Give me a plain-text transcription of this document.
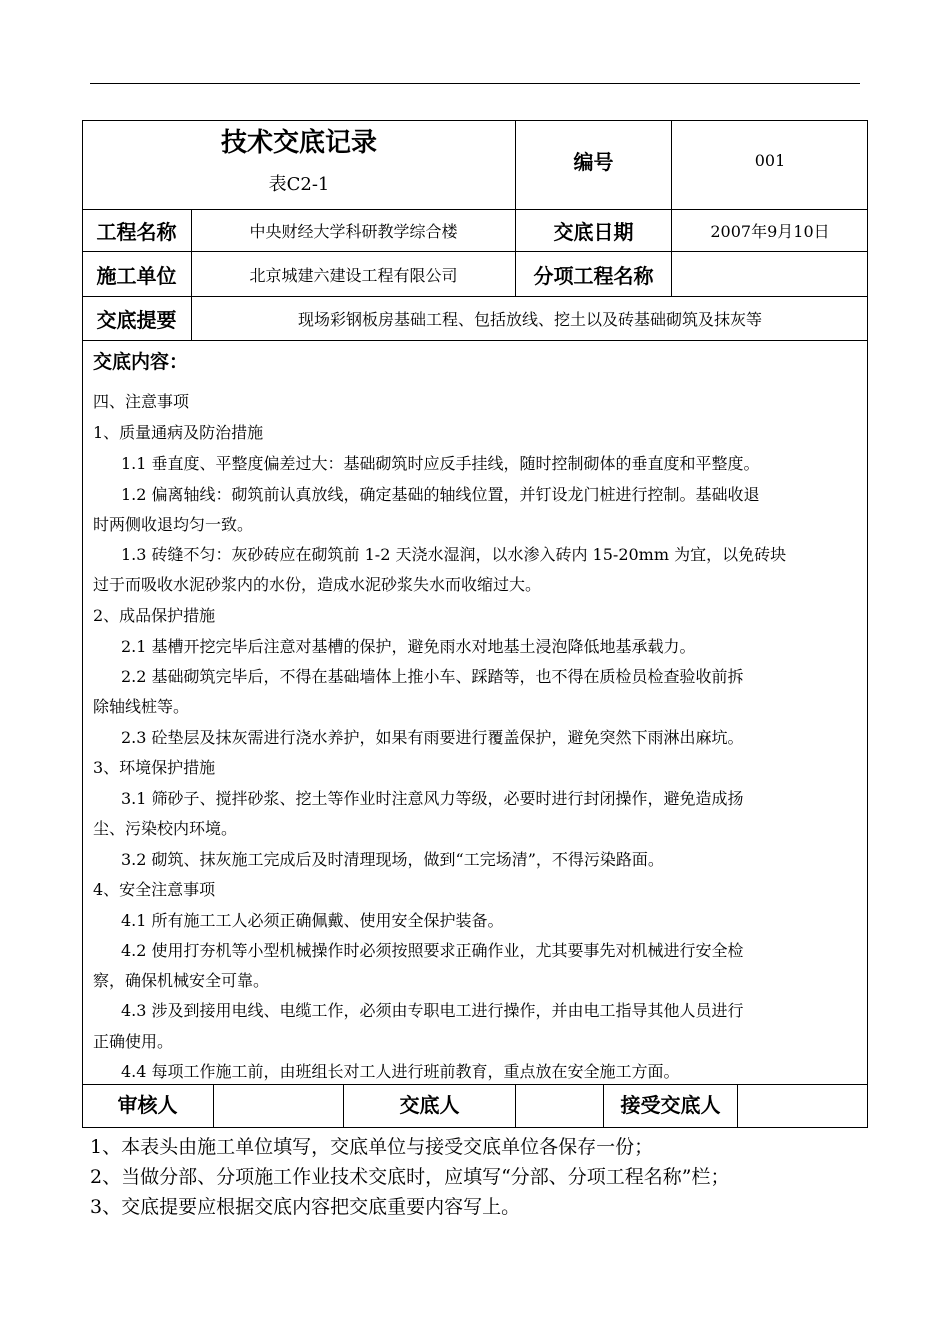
技术交底记录
表C2-1
编号	001
工程名称	中央财经大学科研教学综合楼	交底日期	2007年9月10日
施工单位	北京城建六建设工程有限公司	分项工程名称
交底提要	现场彩钢板房基础工程、包括放线、挖土以及砖基础砌筑及抹灰等
交底内容：
四、注意事项
1、质量通病及防治措施
1.1 垂直度、平整度偏差过大：基础砌筑时应反手挂线，随时控制砌体的垂直度和平整度。
1.2 偏离轴线：砌筑前认真放线，确定基础的轴线位置，并钉设龙门桩进行控制。基础收退
时两侧收退均匀一致。
1.3 砖缝不匀：灰砂砖应在砌筑前 1-2 天浇水湿润，以水渗入砖内 15-20mm 为宜，以免砖块
过于而吸收水泥砂浆内的水份，造成水泥砂浆失水而收缩过大。
2、成品保护措施
2.1 基槽开挖完毕后注意对基槽的保护，避免雨水对地基土浸泡降低地基承载力。
2.2 基础砌筑完毕后，不得在基础墙体上推小车、踩踏等，也不得在质检员检查验收前拆
除轴线桩等。
2.3 砼垫层及抹灰需进行浇水养护，如果有雨要进行覆盖保护，避免突然下雨淋出麻坑。
3、环境保护措施
3.1 筛砂子、搅拌砂浆、挖土等作业时注意风力等级，必要时进行封闭操作，避免造成扬
尘、污染校内环境。
3.2 砌筑、抹灰施工完成后及时清理现场，做到“工完场清”，不得污染路面。
4、安全注意事项
4.1 所有施工工人必须正确佩戴、使用安全保护装备。
4.2 使用打夯机等小型机械操作时必须按照要求正确作业，尤其要事先对机械进行安全检
察，确保机械安全可靠。
4.3 涉及到接用电线、电缆工作，必须由专职电工进行操作，并由电工指导其他人员进行
正确使用。
4.4 每项工作施工前，由班组长对工人进行班前教育，重点放在安全施工方面。
审核人	交底人	接受交底人
1、本表头由施工单位填写，交底单位与接受交底单位各保存一份；
2、当做分部、分项施工作业技术交底时，应填写“分部、分项工程名称”栏；
3、交底提要应根据交底内容把交底重要内容写上。
